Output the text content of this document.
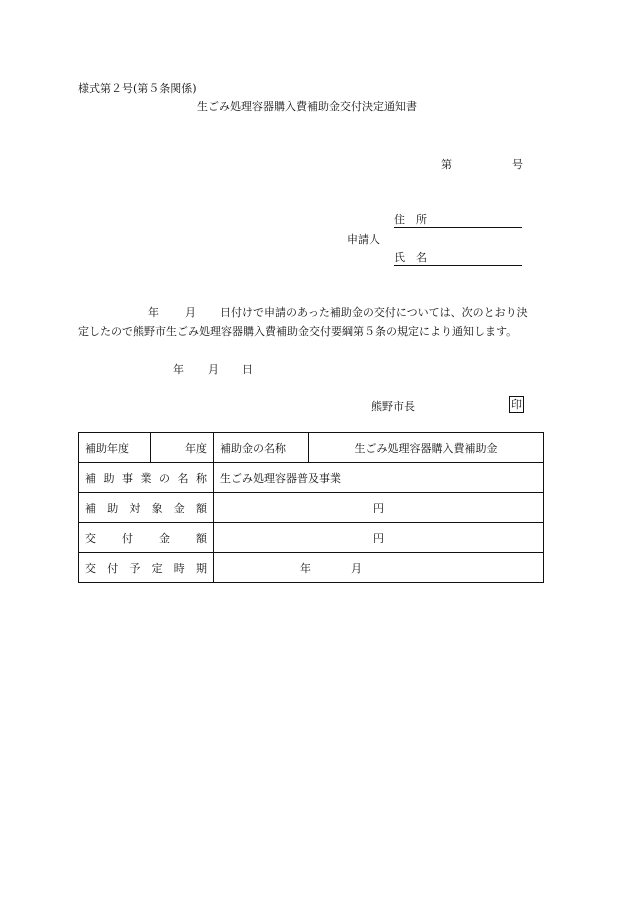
様式第２号(第５条関係)
生ごみ処理容器購入費補助金交付決定通知書
第	号
住　所
申請人
氏　名
年 月 日付けで申請のあった補助金の交付については、次のとおり決
定したので熊野市生ごみ処理容器購入費補助金交付要綱第５条の規定により通知します。
年 月 日
熊野市長	印
補助年度	年度	補助金の名称	生ごみ処理容器購入費補助金

補助事業の名称		生ごみ処理容器普及事業	

補助対象金額		円	

交付金額		円	

交付予定時期		年 月	
